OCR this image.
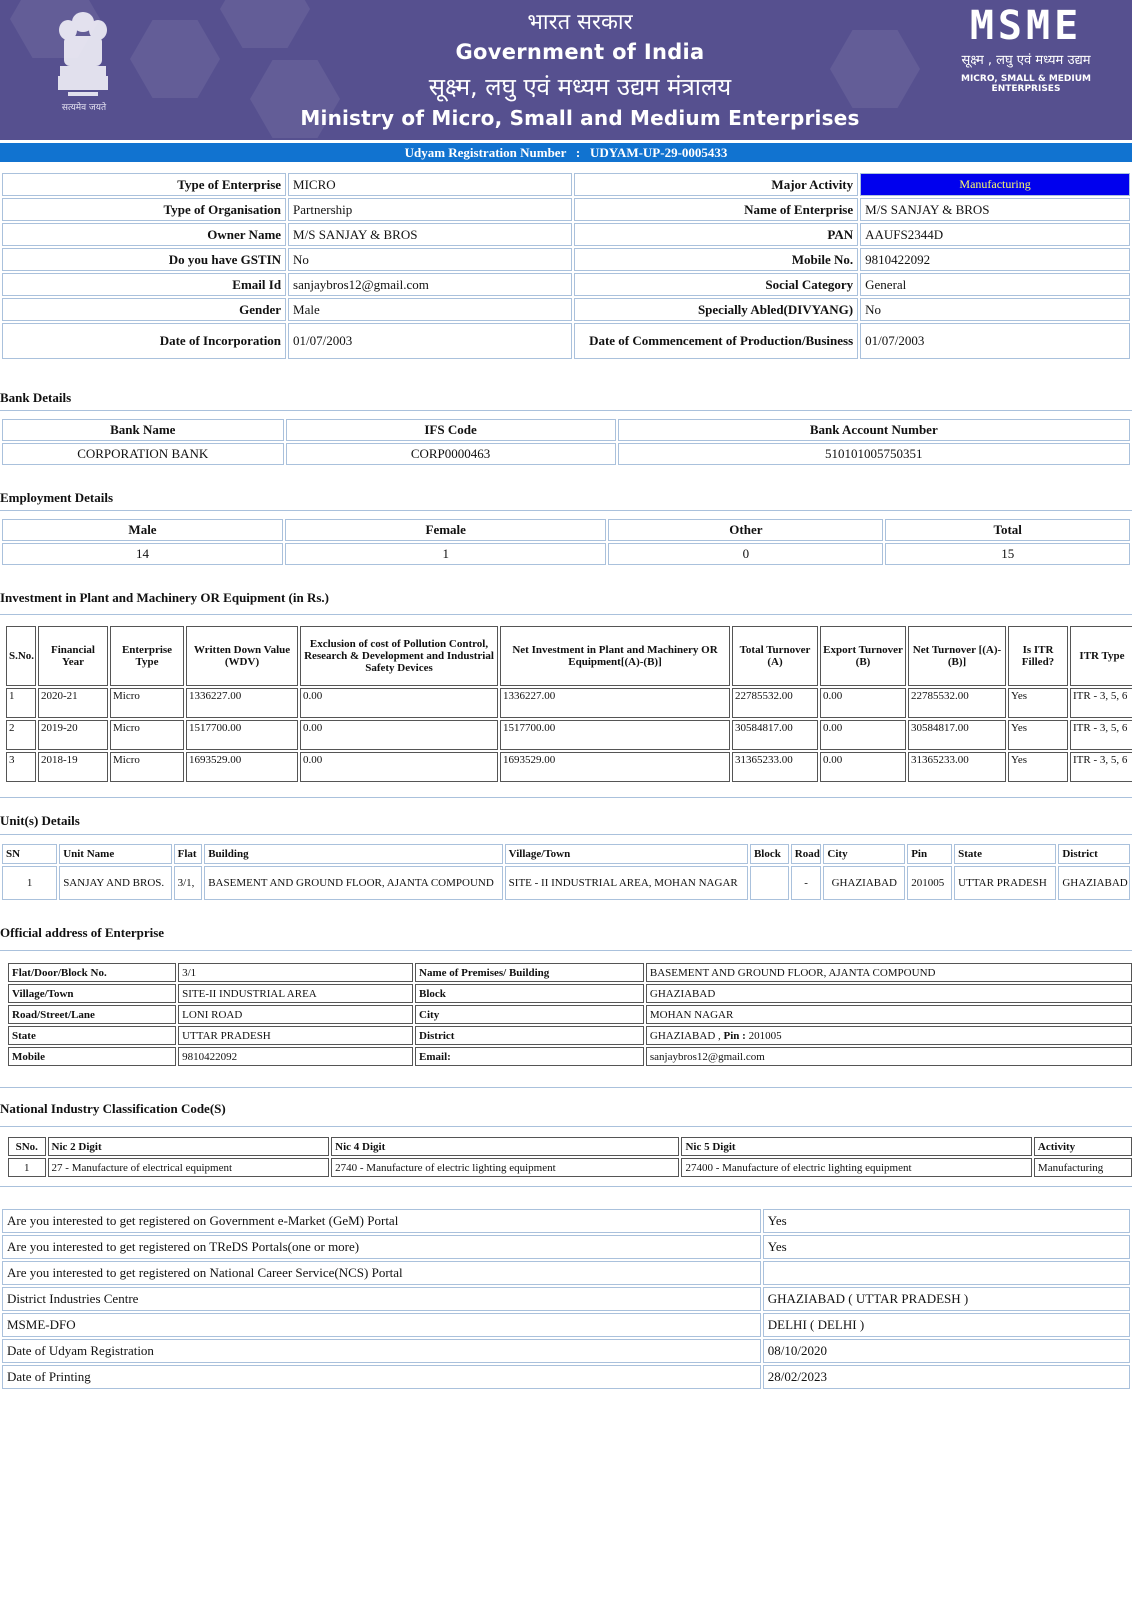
सत्यमेव जयते
भारत सरकार
Government of India
सूक्ष्म, लघु एवं मध्यम उद्यम मंत्रालय
Ministry of Micro, Small and Medium Enterprises
MSME
सूक्ष्म , लघु एवं मध्यम उद्यम
MICRO, SMALL & MEDIUM ENTERPRISES
Udyam Registration Number : UDYAM-UP-29-0005433
Type of Enterprise	MICRO	Major Activity	Manufacturing
Type of Organisation	Partnership	Name of Enterprise	M/S SANJAY & BROS
Owner Name	M/S SANJAY & BROS	PAN	AAUFS2344D
Do you have GSTIN	No	Mobile No.	9810422092
Email Id	sanjaybros12@gmail.com	Social Category	General
Gender	Male	Specially Abled(DIVYANG)	No
Date of Incorporation	01/07/2003	Date of Commencement of Production/Business	01/07/2003
Bank Details
Bank Name	IFS Code	Bank Account Number
CORPORATION BANK	CORP0000463	510101005750351
Employment Details
Male	Female	Other	Total
14	1	0	15
Investment in Plant and Machinery OR Equipment (in Rs.)
S.No.	Financial Year	Enterprise Type	Written Down Value (WDV)	Exclusion of cost of Pollution Control, Research & Development and Industrial Safety Devices	Net Investment in Plant and Machinery OR Equipment[(A)-(B)]	Total Turnover (A)	Export Turnover (B)	Net Turnover [(A)-(B)]	Is ITR Filled?	ITR Type
1	2020-21	Micro	1336227.00	0.00	1336227.00	22785532.00	0.00	22785532.00	Yes	ITR - 3, 5, 6
2	2019-20	Micro	1517700.00	0.00	1517700.00	30584817.00	0.00	30584817.00	Yes	ITR - 3, 5, 6
3	2018-19	Micro	1693529.00	0.00	1693529.00	31365233.00	0.00	31365233.00	Yes	ITR - 3, 5, 6
Unit(s) Details
SN	Unit Name	Flat	Building	Village/Town	Block	Road	City	Pin	State	District
1	SANJAY AND BROS.	3/1,	BASEMENT AND GROUND FLOOR, AJANTA COMPOUND	SITE - II INDUSTRIAL AREA, MOHAN NAGAR		-	GHAZIABAD	201005	UTTAR PRADESH	GHAZIABAD
Official address of Enterprise
Flat/Door/Block No.	3/1	Name of Premises/ Building	BASEMENT AND GROUND FLOOR, AJANTA COMPOUND
Village/Town	SITE-II INDUSTRIAL AREA	Block	GHAZIABAD
Road/Street/Lane	LONI ROAD	City	MOHAN NAGAR
State	UTTAR PRADESH	District	GHAZIABAD , Pin : 201005
Mobile	9810422092	Email:	sanjaybros12@gmail.com
National Industry Classification Code(S)
SNo.	Nic 2 Digit	Nic 4 Digit	Nic 5 Digit	Activity
1	27 - Manufacture of electrical equipment	2740 - Manufacture of electric lighting equipment	27400 - Manufacture of electric lighting equipment	Manufacturing
Are you interested to get registered on Government e-Market (GeM) Portal	Yes
Are you interested to get registered on TReDS Portals(one or more)	Yes
Are you interested to get registered on National Career Service(NCS) Portal	
District Industries Centre	GHAZIABAD ( UTTAR PRADESH )
MSME-DFO	DELHI ( DELHI )
Date of Udyam Registration	08/10/2020
Date of Printing	28/02/2023
